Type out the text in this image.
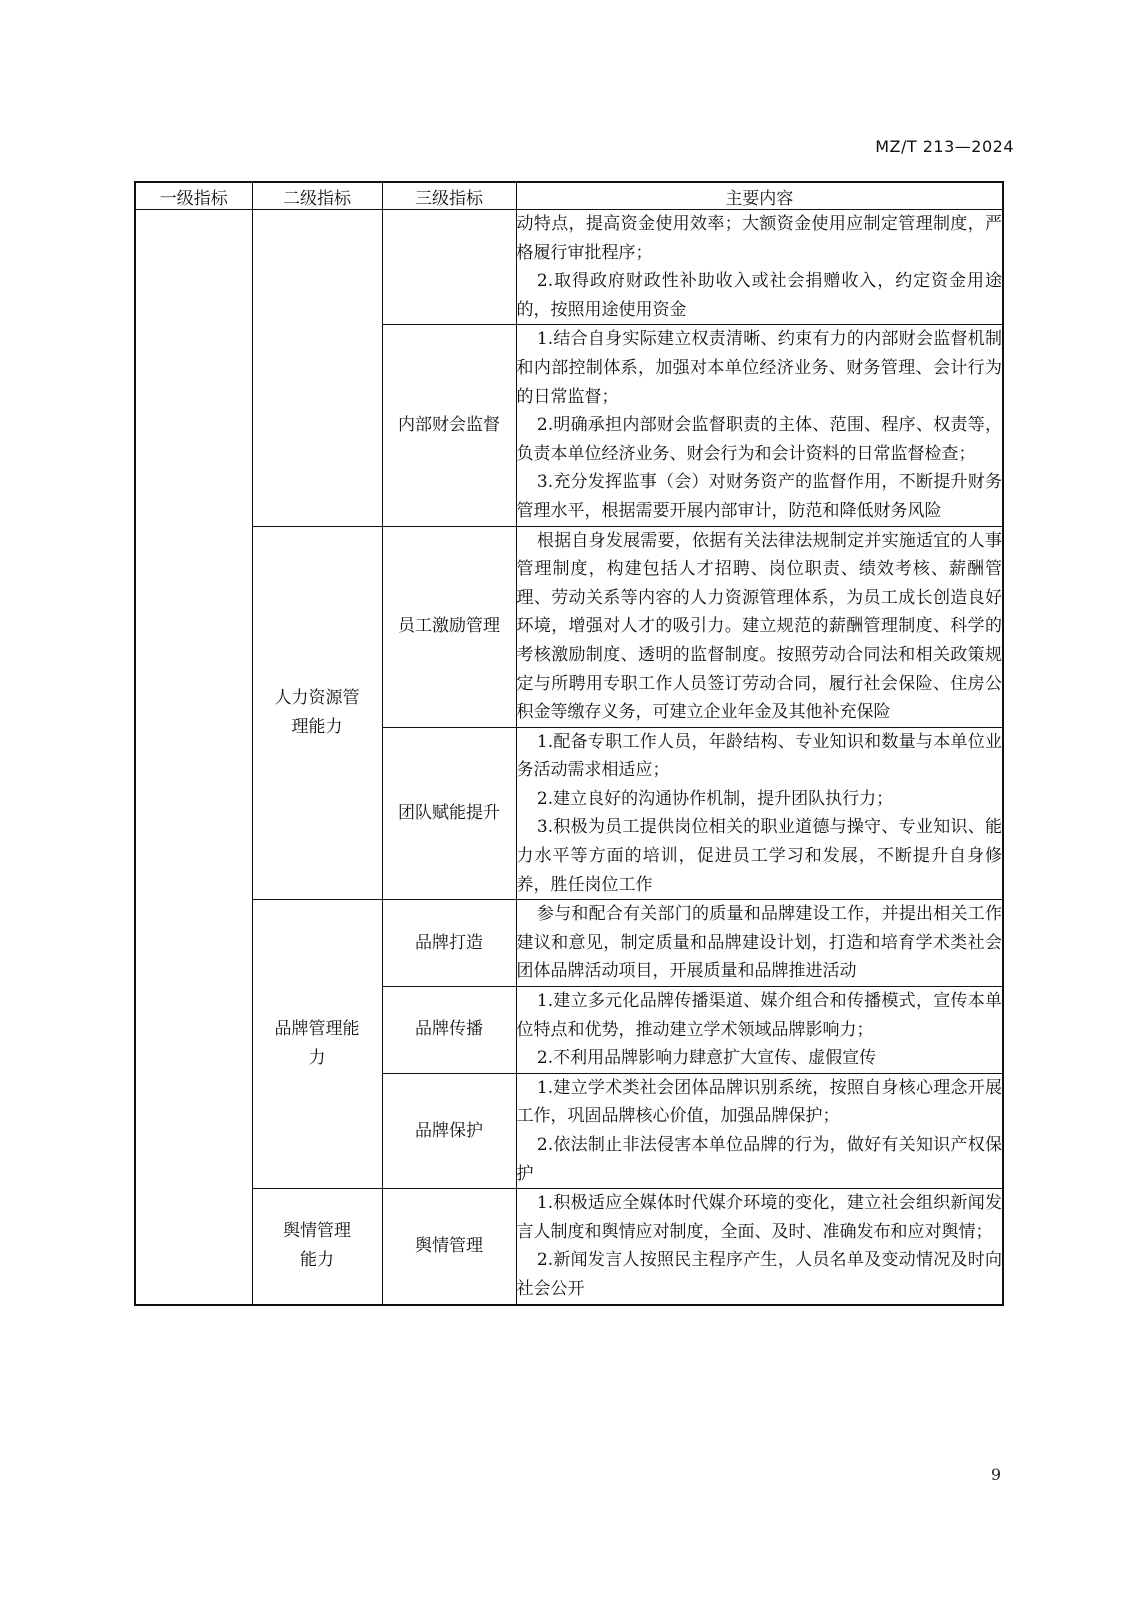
MZ/T 213—2024
一级指标	二级指标	三级指标	主要内容

			动特点，提高资金使用效率；大额资金使用应制定管理制度，严格履行审批程序；

2.取得政府财政性补助收入或社会捐赠收入，约定资金用途的，按照用途使用资金

		内部财会监督	1.结合自身实际建立权责清晰、约束有力的内部财会监督机制和内部控制体系，加强对本单位经济业务、财务管理、会计行为的日常监督；

2.明确承担内部财会监督职责的主体、范围、程序、权责等，负责本单位经济业务、财会行为和会计资料的日常监督检查；

3.充分发挥监事（会）对财务资产的监督作用，不断提升财务管理水平，根据需要开展内部审计，防范和降低财务风险

	人力资源管理能力	员工激励管理	根据自身发展需要，依据有关法律法规制定并实施适宜的人事管理制度，构建包括人才招聘、岗位职责、绩效考核、薪酬管理、劳动关系等内容的人力资源管理体系，为员工成长创造良好环境，增强对人才的吸引力。建立规范的薪酬管理制度、科学的考核激励制度、透明的监督制度。按照劳动合同法和相关政策规定与所聘用专职工作人员签订劳动合同，履行社会保险、住房公积金等缴存义务，可建立企业年金及其他补充保险

		团队赋能提升	1.配备专职工作人员，年龄结构、专业知识和数量与本单位业务活动需求相适应；

2.建立良好的沟通协作机制，提升团队执行力；

3.积极为员工提供岗位相关的职业道德与操守、专业知识、能力水平等方面的培训，促进员工学习和发展，不断提升自身修养，胜任岗位工作

	品牌管理能力	品牌打造	参与和配合有关部门的质量和品牌建设工作，并提出相关工作建议和意见，制定质量和品牌建设计划，打造和培育学术类社会团体品牌活动项目，开展质量和品牌推进活动

		品牌传播	1.建立多元化品牌传播渠道、媒介组合和传播模式，宣传本单位特点和优势，推动建立学术领域品牌影响力；

2.不利用品牌影响力肆意扩大宣传、虚假宣传

		品牌保护	1.建立学术类社会团体品牌识别系统，按照自身核心理念开展工作，巩固品牌核心价值，加强品牌保护；

2.依法制止非法侵害本单位品牌的行为，做好有关知识产权保护

	舆情管理能力	舆情管理	1.积极适应全媒体时代媒介环境的变化，建立社会组织新闻发言人制度和舆情应对制度，全面、及时、准确发布和应对舆情；

2.新闻发言人按照民主程序产生，人员名单及变动情况及时向社会公开

9
